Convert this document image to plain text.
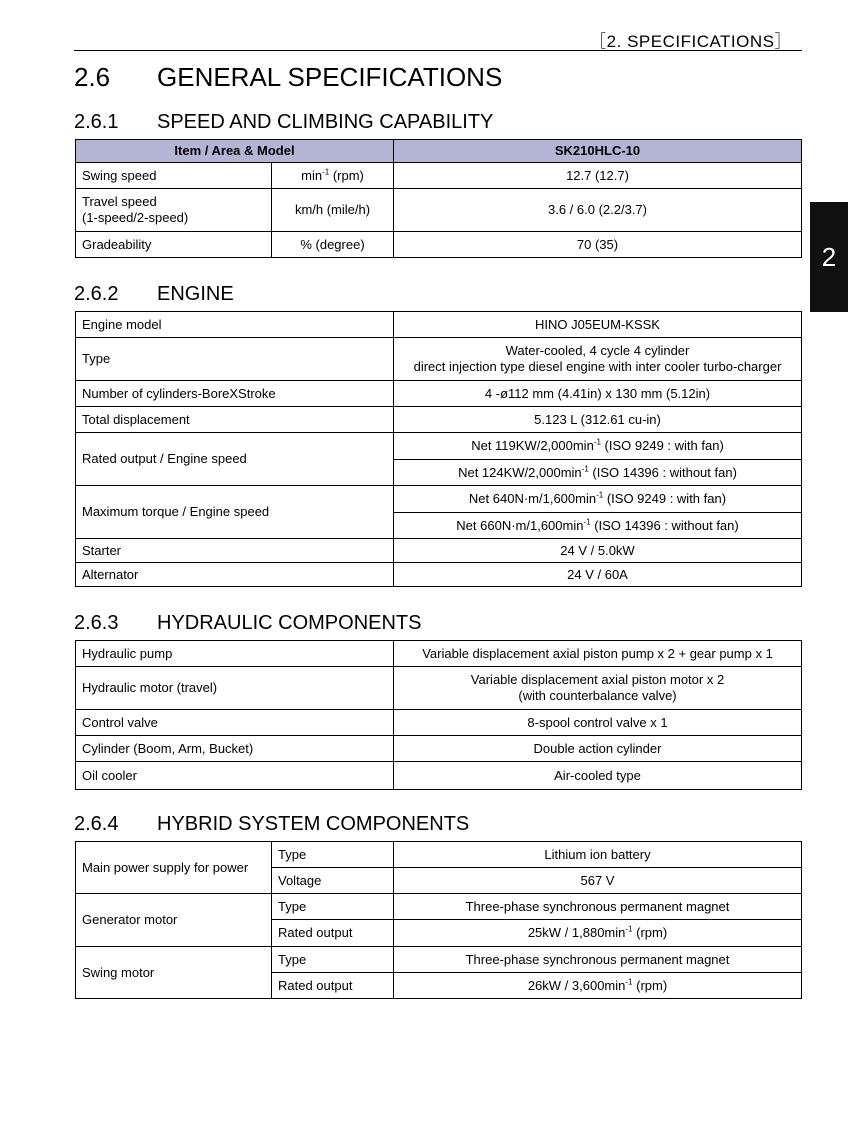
［2. SPECIFICATIONS］
2
2.6 GENERAL SPECIFICATIONS
2.6.1 SPEED AND CLIMBING CAPABILITY
Item / Area & Model		SK210HLC-10
Swing speed	$\min^{-1} (rpm)$	12.7 (12.7)
Travel speed
(1-speed/2-speed)	km/h (mile/h)	3.6 / 6.0 (2.2/3.7)
Gradeability	% (degree)	70 (35)
2.6.2 ENGINE
Engine model	HINO J05EUM-KSSK
Type	Water-cooled, 4 cycle 4 cylinder
direct injection type diesel engine with inter cooler turbo-charger
Number of cylinders-BoreXStroke	4 -ø112 mm (4.41in) x 130 mm (5.12in)
Total displacement	5.123 L (312.61 cu-in)
Rated output / Engine speed	Net $119KW/2,000\min^{-1}$ (ISO 9249 : with fan)
	Net $124KW/2,000\min^{-1}$ (ISO 14396 : without fan)
Maximum torque / Engine speed	Net $640N\cdot m/1,600\min^{-1}$ (ISO 9249 : with fan)
	Net $660N\cdot m/1,600\min^{-1}$ (ISO 14396 : without fan)
Starter	24 V / 5.0kW
Alternator	24 V / 60A
2.6.3 HYDRAULIC COMPONENTS
Hydraulic pump	Variable displacement axial piston pump x 2 + gear pump x 1
Hydraulic motor (travel)	Variable displacement axial piston motor x 2
(with counterbalance valve)
Control valve	8-spool control valve x 1
Cylinder (Boom, Arm, Bucket)	Double action cylinder
Oil cooler	Air-cooled type
2.6.4 HYBRID SYSTEM COMPONENTS
Main power supply for power	Type	Lithium ion battery
	Voltage	567 V
Generator motor	Type	Three-phase synchronous permanent magnet
	Rated output	$25kW / 1,880\min^{-1}$ (rpm)
Swing motor	Type	Three-phase synchronous permanent magnet
	Rated output	$26kW / 3,600\min^{-1}$ (rpm)
